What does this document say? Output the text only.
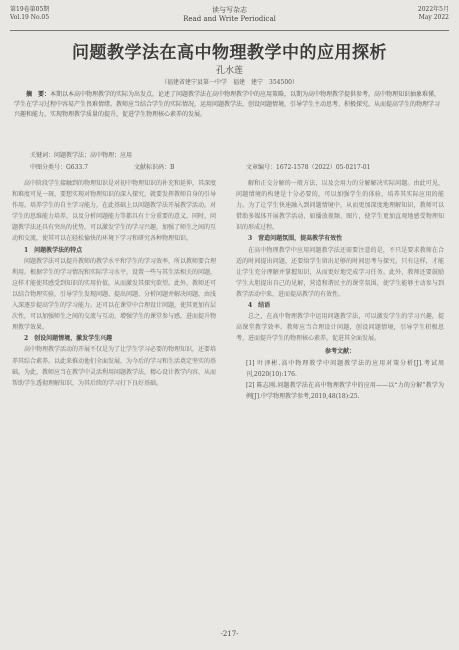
第19卷第05期
Vol.19 No.05
读与写杂志
Read and Write Periodical
2022年5月
May 2022
问题教学法在高中物理教学中的应用探析
孔水莲
（福建省建宁县第一中学　福建　建宁　354500）
摘　要：本期以本高中物理教学的实际为出发点，论述了问题教学法在高中物理教学中的应用策略，以期为高中物理教学提供参考。高中物理知识抽象难懂，学生在学习过程中容易产生畏难情绪。教师应当结合学生的实际情况，运用问题教学法，创设问题情境，引导学生主动思考、积极探究，从而提高学生的物理学习兴趣和能力，实现物理教学质量的提升，促进学生物理核心素养的发展。
关键词：问题教学法；高中物理；应用
中图分类号：G633.7	文献标识码：B	文章编号：1672-1578（2022）05-0217-01

高中阶段学生接触到的物理知识是对初中物理知识的补充和延伸，其深度和难度可见一斑，要想实现对物理知识的深入探究，就要发挥教师自身的引导作用。培养学生的自主学习能力，在此基础上以问题教学法开展教学活动。对学生的思维能力培养，以及分析问题能力等都具有十分重要的意义。同时，问题教学法还具有突出的优势，可以激发学生的学习兴趣，加强了师生之间的互动和交流，使其可以在轻松愉快的环境下学习和研究各种物理知识。

1　问题教学法的特点

问题教学法可以提升教师的教学水平和学生的学习效率，所以教师要合理利用。根据学生的学习情况和实际学习水平，设置一些与其生活相关的问题，这样才能使其感受到知识的实用价值，从而激发其探究欲望。此外，教师还可以结合物理实验，引导学生发现问题、提出问题、分析问题并解决问题，由浅入深逐步提高学生的学习能力。还可以在课堂中合理设计问题，使其更加有层次性，可以加强师生之间的交流与互动，增强学生的课堂参与感，进而提升物理教学效果。

2　创设问题情境，激发学生兴趣

高中物理教学活动的开展不仅是为了让学生学习必要的物理知识，还要培养其综合素养。以此来推动他们全面发展，为今后的学习和生活奠定坚实的基础。为此，教师应当在教学中灵活利用问题教学法，精心设计教学内容，从而帮助学生透彻理解知识，为其后续的学习打下良好基础。

解和正交分解的一般方法，以及会用力的分解解决实际问题。由此可见，问题情境的构建是十分必要的，可以加强学生的体验，培养其实际应用的能力。为了让学生快速融入到问题情境中，从而更加深度地理解知识，教师可以借助多媒体开展教学活动，如播放视频、图片，使学生更加直观地感受物理知识的形成过程。

3　营造问题氛围，提高教学有效性

在高中物理教学中应用问题教学法还需要注意的是，不只是要求教师在合适的时间提出问题，还要给学生留出足够的时间思考与探究。只有这样，才能让学生充分理解并掌握知识，从而更好地完成学习任务。此外，教师还要鼓励学生大胆提出自己的见解，营造和谐民主的课堂氛围，使学生能够主动参与到教学活动中来，进而提高教学的有效性。

4　结语

总之，在高中物理教学中运用问题教学法，可以激发学生的学习兴趣，提高课堂教学效率。教师应当合理设计问题，创设问题情境，引导学生积极思考，进而提升学生的物理核心素养，促进其全面发展。

参考文献：

[1] 叶泽彬.高中物理教学中问题教学法的应用对策分析[J].考试周刊,2020(10):176.

[2] 陈志刚.问题教学法在高中物理教学中的应用——以“力的分解”教学为例[J].中学物理教学参考,2019,48(18):25.

-217-
